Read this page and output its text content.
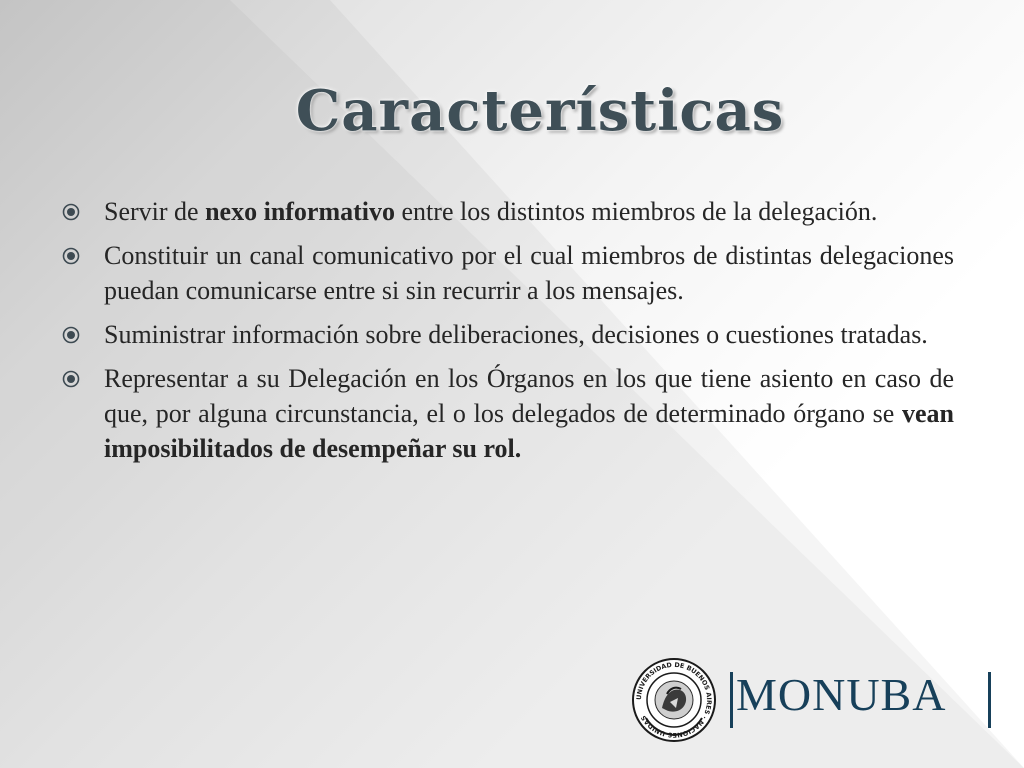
Características
Servir de nexo informativo entre los distintos miembros de la delegación.
Constituir un canal comunicativo por el cual miembros de distintas delegaciones puedan comunicarse entre si sin recurrir a los mensajes.
Suministrar información sobre deliberaciones, decisiones o cuestiones tratadas.
Representar a su Delegación en los Órganos en los que tiene asiento en caso de que, por alguna circunstancia, el o los delegados de determinado órgano se vean imposibilitados de desempeñar su rol.
UNIVERSIDAD DE BUENOS AIRES · NACIONES UNIDAS	MONUBA
